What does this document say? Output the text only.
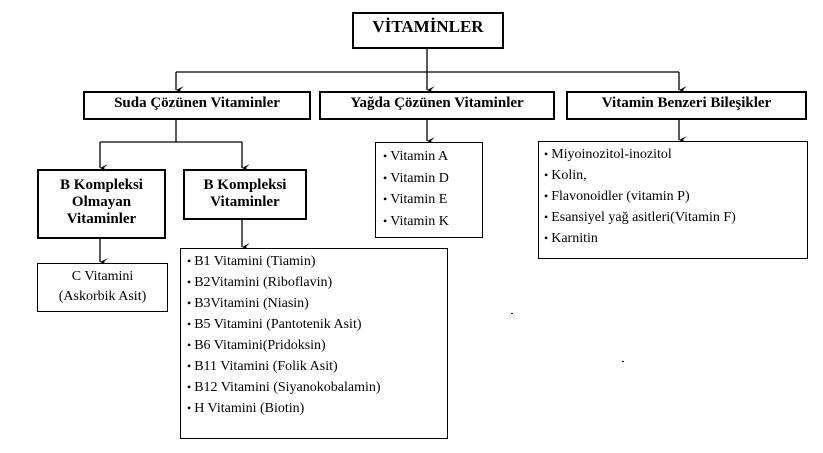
VİTAMİNLER
Suda Çözünen Vitaminler	Yağda Çözünen Vitaminler	Vitamin Benzeri Bileşikler
B Kompleksi
Olmayan
Vitaminler
B Kompleksi
Vitaminler
C Vitamini
(Askorbik Asit)
• B1 Vitamini (Tiamin)
• B2Vitamini (Riboflavin)
• B3Vitamini (Niasin)
• B5 Vitamini (Pantotenik Asit)
• B6 Vitamini(Pridoksin)
• B11 Vitamini (Folik Asit)
• B12 Vitamini (Siyanokobalamin)
• H Vitamini (Biotin)
• Vitamin A
• Vitamin D
• Vitamin E
• Vitamin K
• Miyoinozitol-inozitol
• Kolin,
• Flavonoidler (vitamin P)
• Esansiyel yağ asitleri(Vitamin F)
• Karnitin
